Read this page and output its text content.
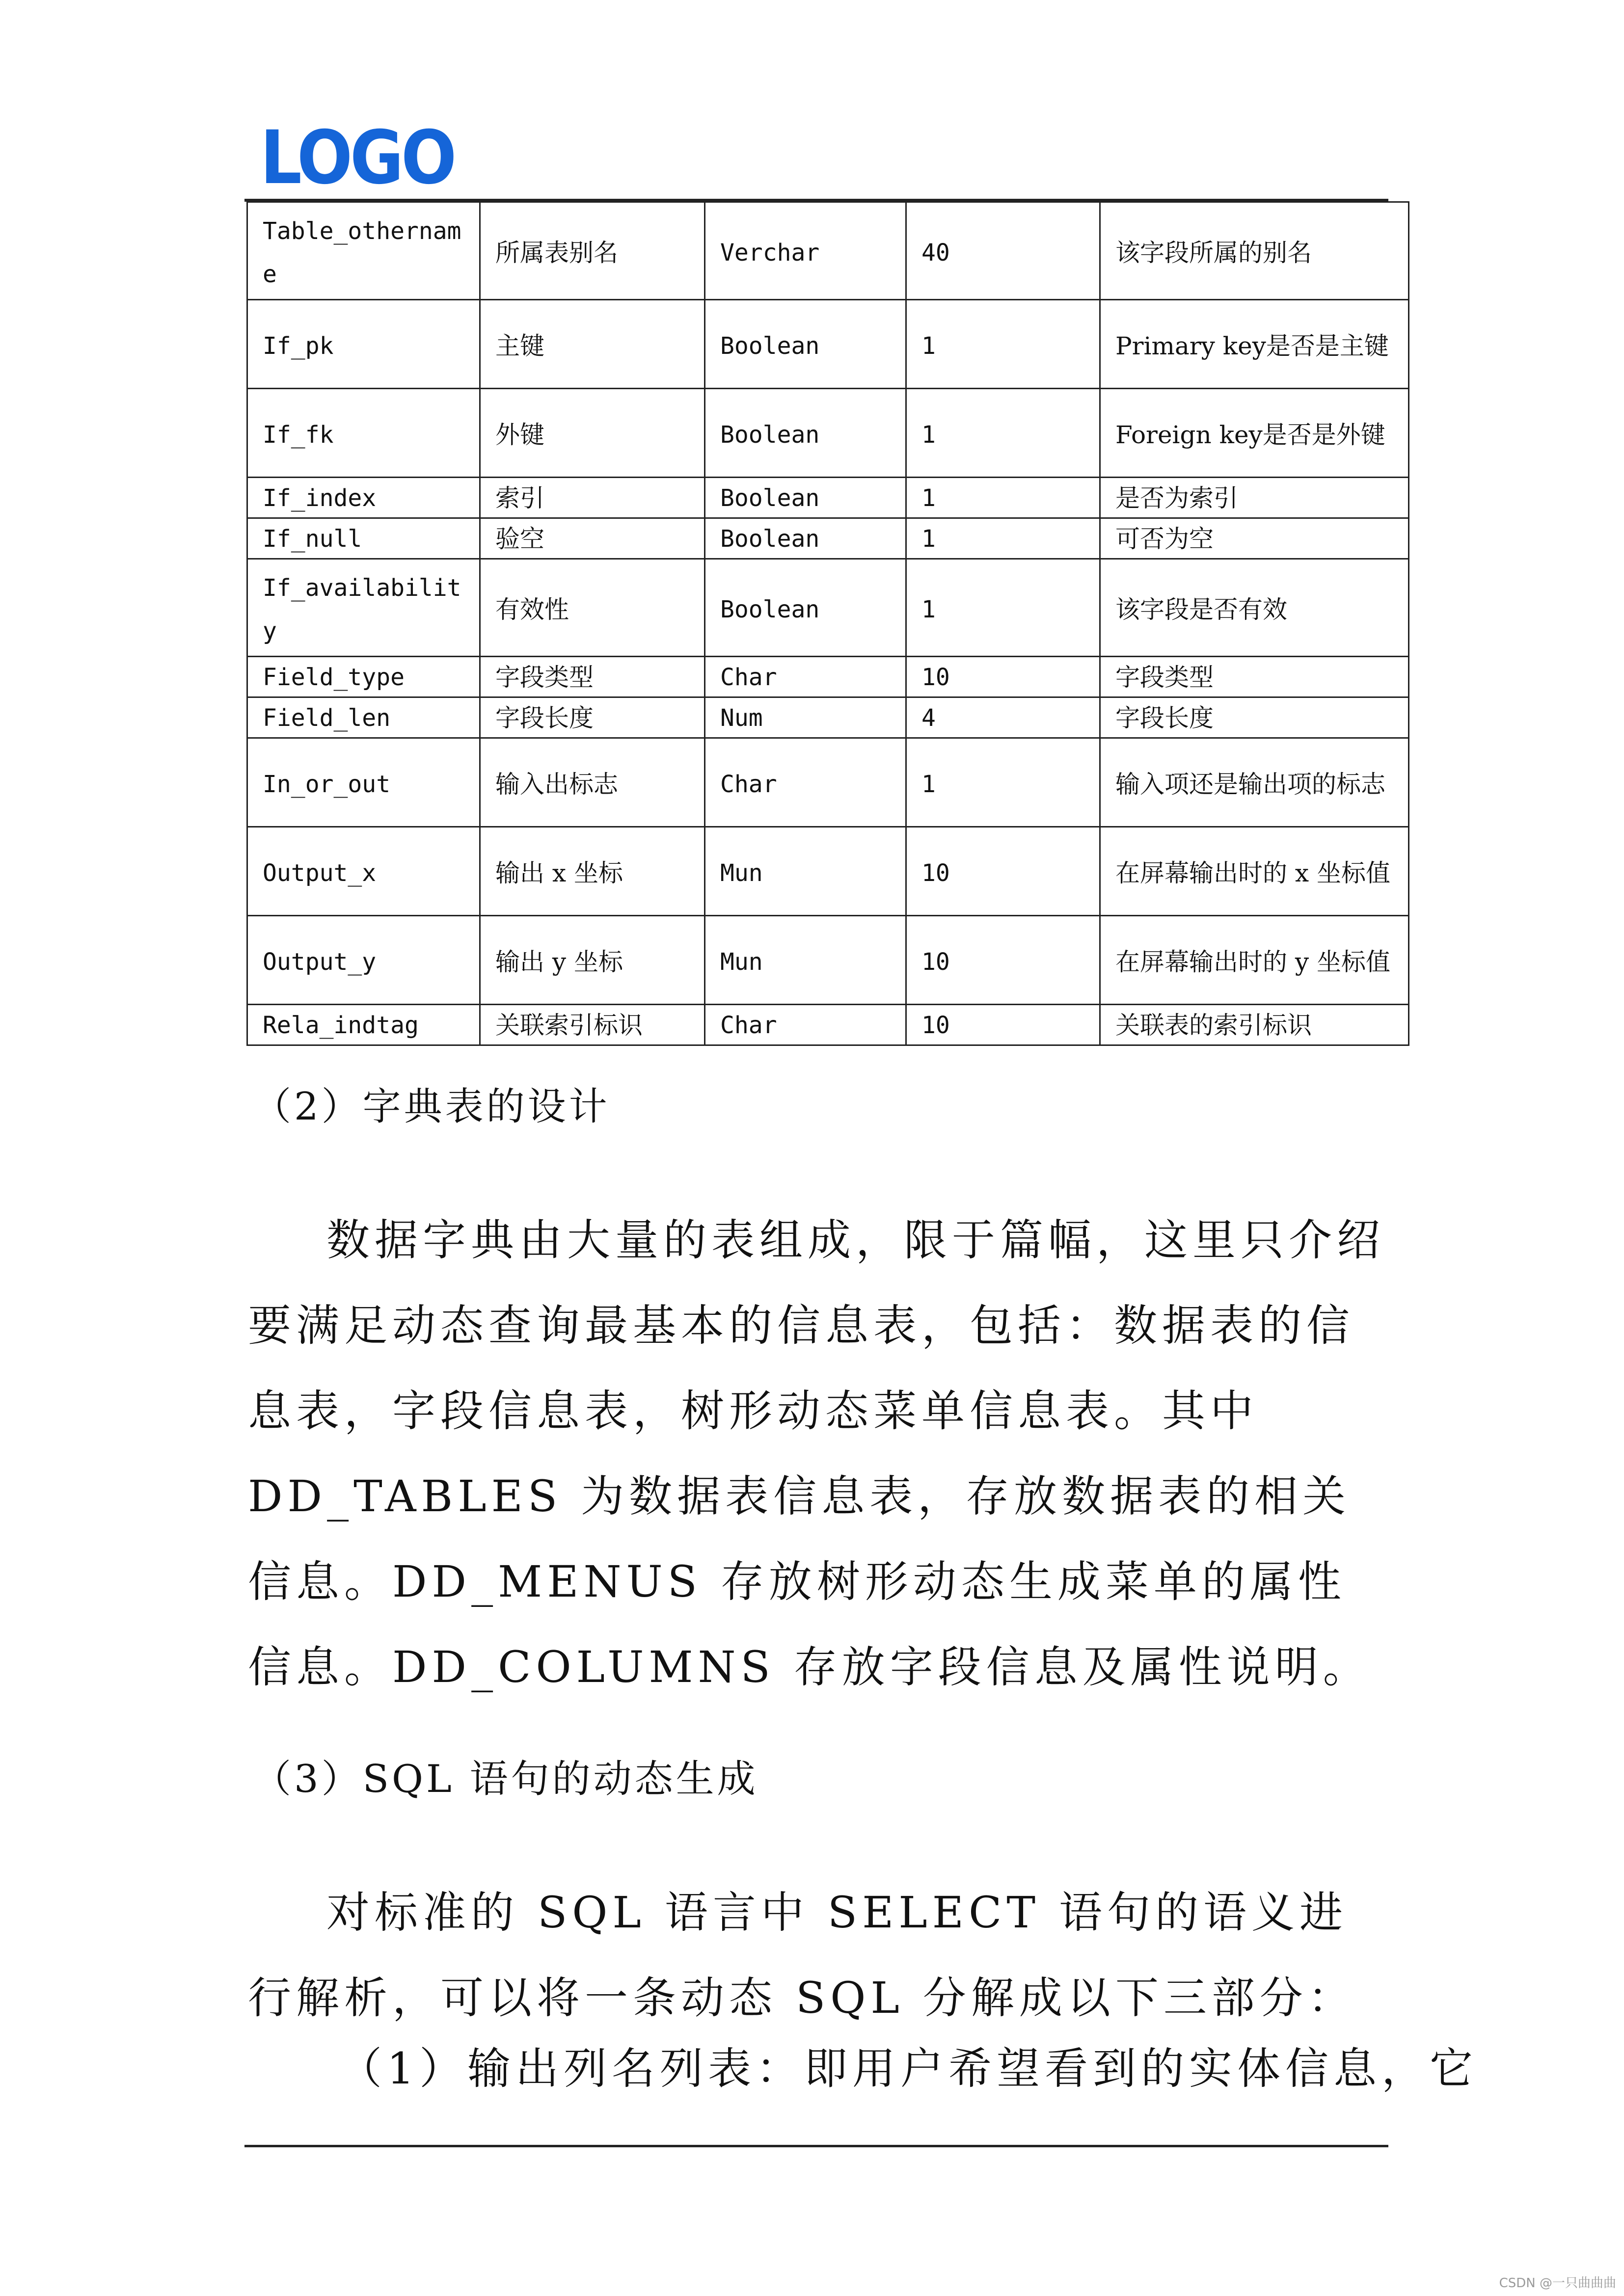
LOGO
Table_othername	所属表别名	Verchar	40	该字段所属的别名
If_pk	主键	Boolean	1	Primary key是否是主键
If_fk	外键	Boolean	1	Foreign key是否是外键
If_index	索引	Boolean	1	是否为索引
If_null	验空	Boolean	1	可否为空
If_availability	有效性	Boolean	1	该字段是否有效
Field_type	字段类型	Char	10	字段类型
Field_len	字段长度	Num	4	字段长度
In_or_out	输入出标志	Char	1	输入项还是输出项的标志
Output_x	输出 x 坐标	Mun	10	在屏幕输出时的 x 坐标值
Output_y	输出 y 坐标	Mun	10	在屏幕输出时的 y 坐标值
Rela_indtag	关联索引标识	Char	10	关联表的索引标识
（2）字典表的设计

数据字典由大量的表组成，限于篇幅，这里只介绍要满足动态查询最基本的信息表，包括：数据表的信息表，字段信息表，树形动态菜单信息表。其中 DD_TABLES 为数据表信息表，存放数据表的相关信息。DD_MENUS 存放树形动态生成菜单的属性信息。DD_COLUMNS 存放字段信息及属性说明。

（3）SQL 语句的动态生成

对标准的 SQL 语言中 SELECT 语句的语义进行解析，可以将一条动态 SQL 分解成以下三部分：

（1）输出列名列表：即用户希望看到的实体信息，它
CSDN @一只曲曲曲
